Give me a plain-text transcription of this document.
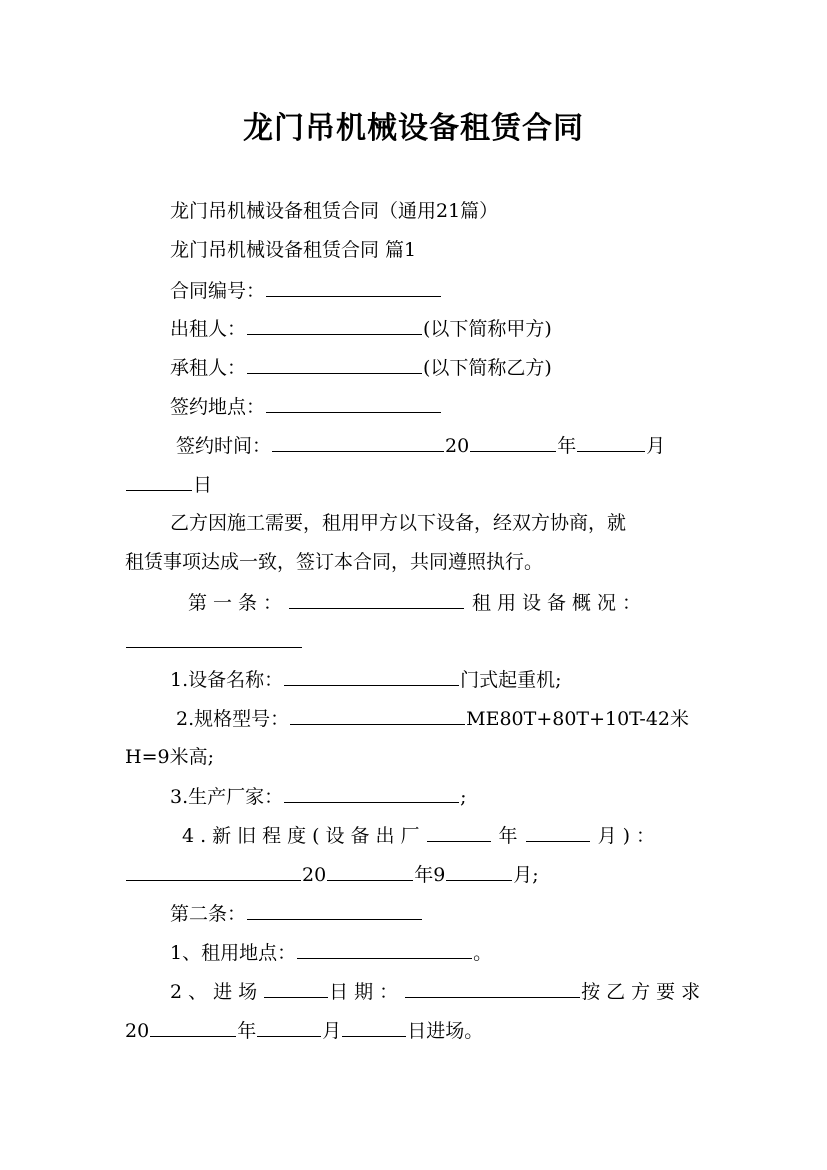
龙门吊机械设备租赁合同
龙门吊机械设备租赁合同（通用21篇）
龙门吊机械设备租赁合同 篇1
合同编号：
出租人：	(以下简称甲方)
承租人：	(以下简称乙方)
签约地点：
签约时间：	20	年	月
日
乙方因施工需要，租用甲方以下设备，经双方协商，就
租赁事项达成一致，签订本合同，共同遵照执行。
第一条：	租用设备概况：
1.设备名称：	门式起重机;
2.规格型号：	ME80T+80T+10T-42米
H=9米高;
3.生产厂家：	;
4.新旧程度(设备出厂	年	月)：
20	年9	月;
第二条：
1、租用地点：	。
2、进场	日期：	按乙方要求
20	年	月	日进场。
